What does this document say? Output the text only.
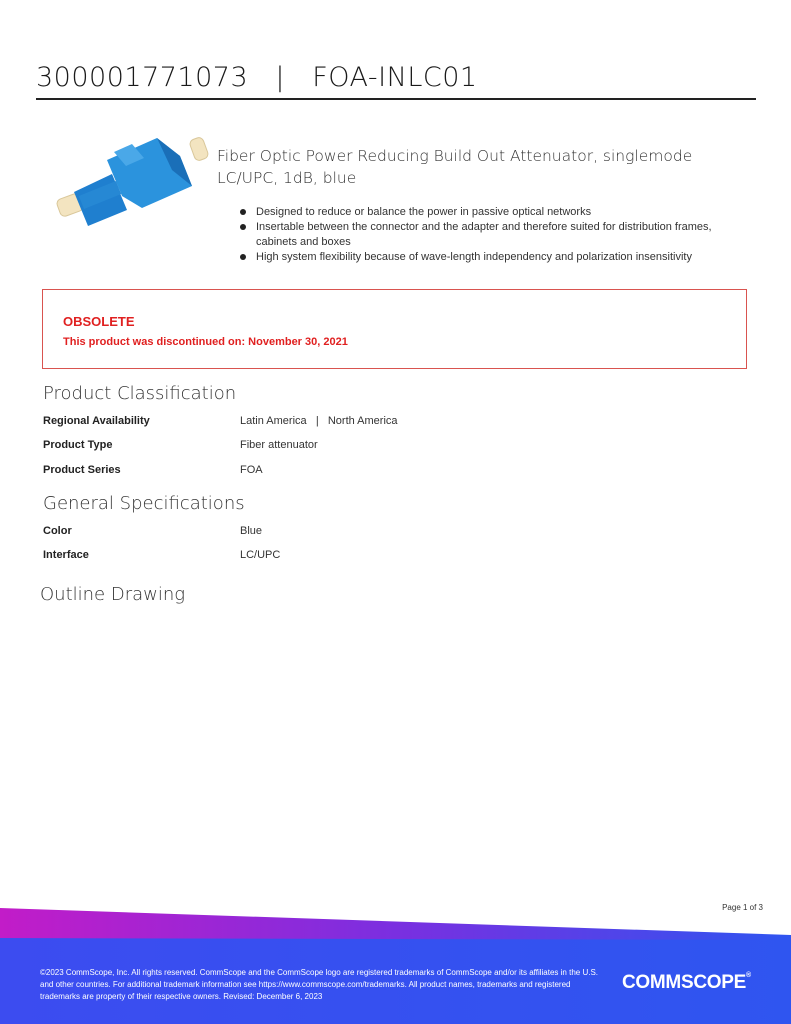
300001771073 | FOA-INLC01
Fiber Optic Power Reducing Build Out Attenuator, singlemode LC/UPC, 1dB, blue
Designed to reduce or balance the power in passive optical networks
Insertable between the connector and the adapter and therefore suited for distribution frames, cabinets and boxes
High system flexibility because of wave-length independency and polarization insensitivity
OBSOLETE
This product was discontinued on: November 30, 2021
Product Classification
Regional Availability	Latin America   |   North America
Product Type	Fiber attenuator
Product Series	FOA
General Specifications
Color	Blue
Interface	LC/UPC
Outline Drawing
Page 1 of 3
©2023 CommScope, Inc. All rights reserved. CommScope and the CommScope logo are registered trademarks of CommScope and/or its affiliates in the U.S. and other countries. For additional trademark information see https://www.commscope.com/trademarks. All product names, trademarks and registered trademarks are property of their respective owners. Revised: December 6, 2023
COMMSCOPE®
